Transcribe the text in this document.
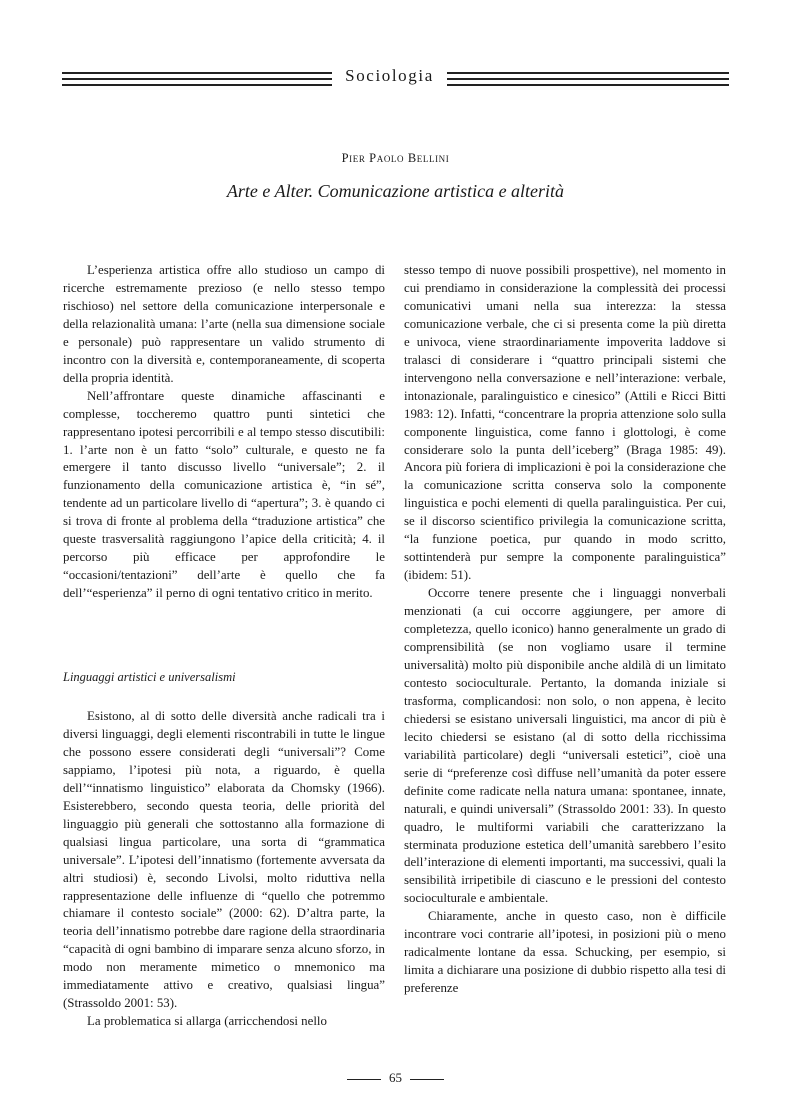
Sociologia
Pier Paolo Bellini
Arte e Alter. Comunicazione artistica e alterità

L’esperienza artistica offre allo studioso un campo di ricerche estremamente prezioso (e nello stesso tempo rischioso) nel settore della comunicazione interpersonale e della relazionalità umana: l’arte (nella sua dimensione sociale e personale) può rappresentare un valido strumento di incontro con la diversità e, contemporaneamente, di scoperta della propria identità.

Nell’affrontare queste dinamiche affascinanti e complesse, toccheremo quattro punti sintetici che rappresentano ipotesi percorribili e al tempo stesso discutibili: 1. l’arte non è un fatto “solo” culturale, e questo ne fa emergere il tanto discusso livello “universale”; 2. il funzionamento della comunicazione artistica è, “in sé”, tendente ad un particolare livello di “apertura”; 3. è quando ci si trova di fronte al problema della “traduzione artistica” che queste trasversalità raggiungono l’apice della criticità; 4. il percorso più efficace per approfondire le “occasioni/tentazioni” dell’arte è quello che fa dell’“esperienza” il perno di ogni tentativo critico in merito.

Linguaggi artistici e universalismi

Esistono, al di sotto delle diversità anche radicali tra i diversi linguaggi, degli elementi riscontrabili in tutte le lingue che possono essere considerati degli “universali”? Come sappiamo, l’ipotesi più nota, a riguardo, è quella dell’“innatismo linguistico” elaborata da Chomsky (1966). Esisterebbero, secondo questa teoria, delle priorità del linguaggio più generali che sottostanno alla formazione di qualsiasi lingua particolare, una sorta di “grammatica universale”. L’ipotesi dell’innatismo (fortemente avversata da altri studiosi) è, secondo Livolsi, molto riduttiva nella rappresentazione delle influenze di “quello che potremmo chiamare il contesto sociale” (2000: 62). D’altra parte, la teoria dell’innatismo potrebbe dare ragione della straordinaria “capacità di ogni bambino di imparare senza alcuno sforzo, in modo non meramente mimetico o mnemonico ma immediatamente attivo e creativo, qualsiasi lingua” (Strassoldo 2001: 53).

La problematica si allarga (arricchendosi nello

stesso tempo di nuove possibili prospettive), nel momento in cui prendiamo in considerazione la complessità dei processi comunicativi umani nella sua interezza: la stessa comunicazione verbale, che ci si presenta come la più diretta e univoca, viene straordinariamente impoverita laddove si tralasci di considerare i “quattro principali sistemi che intervengono nella conversazione e nell’interazione: verbale, intonazionale, paralinguistico e cinesico” (Attili e Ricci Bitti 1983: 12). Infatti, “concentrare la propria attenzione solo sulla componente linguistica, come fanno i glottologi, è come considerare solo la punta dell’iceberg” (Braga 1985: 49). Ancora più foriera di implicazioni è poi la considerazione che la comunicazione scritta conserva solo la componente linguistica e pochi elementi di quella paralinguistica. Per cui, se il discorso scientifico privilegia la comunicazione scritta, “la funzione poetica, pur quando in modo scritto, sottintenderà pur sempre la componente paralinguistica” (ibidem: 51).

Occorre tenere presente che i linguaggi nonverbali menzionati (a cui occorre aggiungere, per amore di completezza, quello iconico) hanno generalmente un grado di comprensibilità (se non vogliamo usare il termine universalità) molto più disponibile anche aldilà di un limitato contesto socioculturale. Pertanto, la domanda iniziale si trasforma, complicandosi: non solo, o non appena, è lecito chiedersi se esistano universali linguistici, ma ancor di più è lecito chiedersi se esistano (al di sotto della ricchissima variabilità particolare) degli “universali estetici”, cioè una serie di “preferenze così diffuse nell’umanità da poter essere definite come radicate nella natura umana: spontanee, innate, naturali, e quindi universali” (Strassoldo 2001: 33). In questo quadro, le multiformi variabili che caratterizzano la sterminata produzione estetica dell’umanità sarebbero l’esito dell’interazione di elementi importanti, ma successivi, quali la sensibilità irripetibile di ciascuno e le pressioni del contesto socioculturale e ambientale.

Chiaramente, anche in questo caso, non è difficile incontrare voci contrarie all’ipotesi, in posizioni più o meno radicalmente lontane da essa. Schucking, per esempio, si limita a dichiarare una posizione di dubbio rispetto alla tesi di preferenze

65
